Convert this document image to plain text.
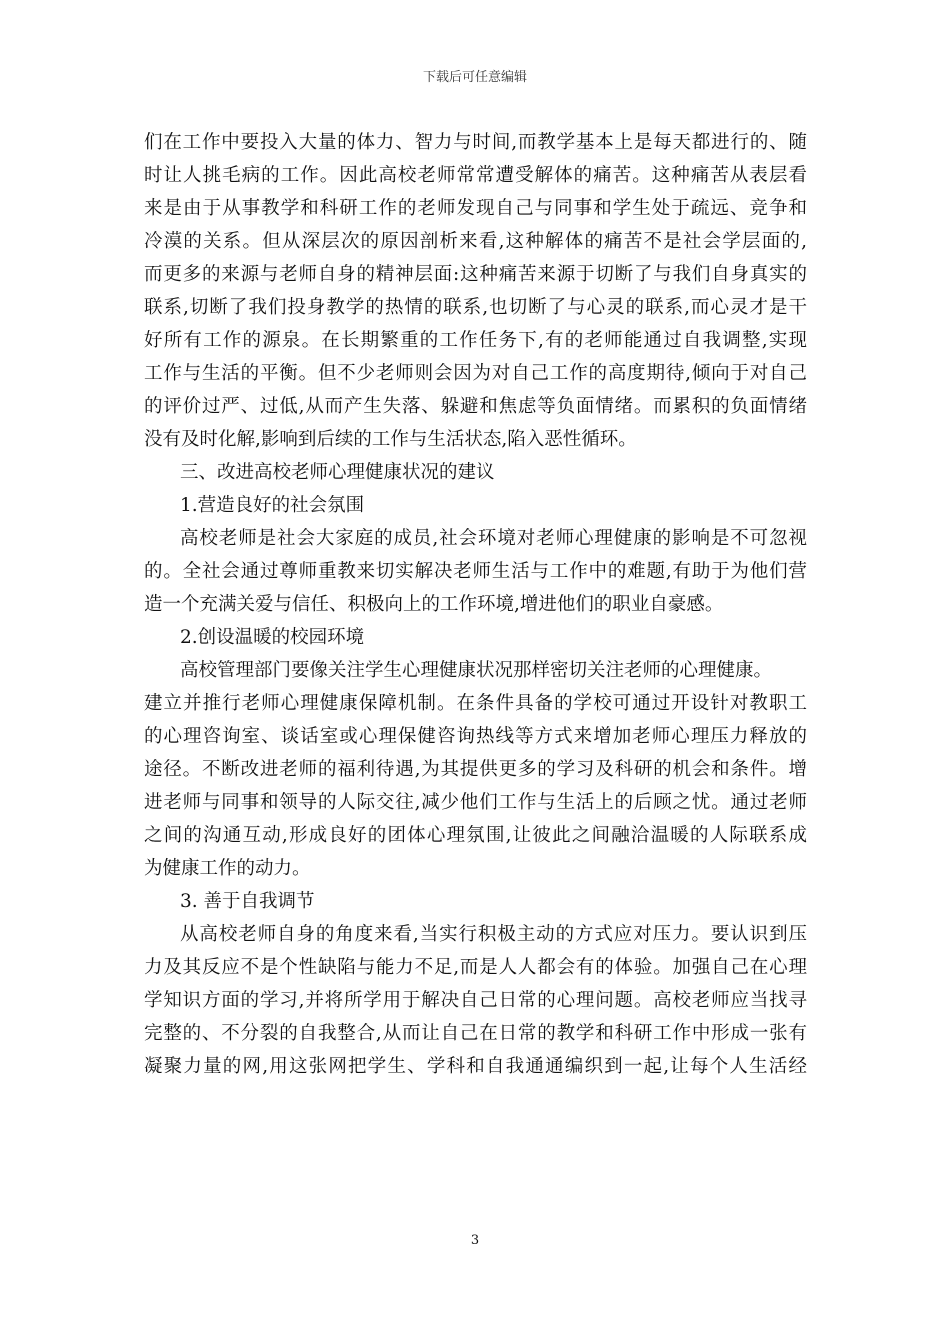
下载后可任意编辑
们在工作中要投入大量的体力、智力与时间,而教学基本上是每天都进行的、随
时让人挑毛病的工作。因此高校老师常常遭受解体的痛苦。这种痛苦从表层看
来是由于从事教学和科研工作的老师发现自己与同事和学生处于疏远、竞争和
冷漠的关系。但从深层次的原因剖析来看,这种解体的痛苦不是社会学层面的,
而更多的来源与老师自身的精神层面:这种痛苦来源于切断了与我们自身真实的
联系,切断了我们投身教学的热情的联系,也切断了与心灵的联系,而心灵才是干
好所有工作的源泉。在长期繁重的工作任务下,有的老师能通过自我调整,实现
工作与生活的平衡。但不少老师则会因为对自己工作的高度期待,倾向于对自己
的评价过严、过低,从而产生失落、躲避和焦虑等负面情绪。而累积的负面情绪
没有及时化解,影响到后续的工作与生活状态,陷入恶性循环。
三、改进高校老师心理健康状况的建议
1.营造良好的社会氛围
高校老师是社会大家庭的成员,社会环境对老师心理健康的影响是不可忽视
的。全社会通过尊师重教来切实解决老师生活与工作中的难题,有助于为他们营
造一个充满关爱与信任、积极向上的工作环境,增进他们的职业自豪感。
2.创设温暖的校园环境
高校管理部门要像关注学生心理健康状况那样密切关注老师的心理健康。
建立并推行老师心理健康保障机制。在条件具备的学校可通过开设针对教职工
的心理咨询室、谈话室或心理保健咨询热线等方式来增加老师心理压力释放的
途径。不断改进老师的福利待遇,为其提供更多的学习及科研的机会和条件。增
进老师与同事和领导的人际交往,减少他们工作与生活上的后顾之忧。通过老师
之间的沟通互动,形成良好的团体心理氛围,让彼此之间融洽温暖的人际联系成
为健康工作的动力。
3. 善于自我调节
从高校老师自身的角度来看,当实行积极主动的方式应对压力。要认识到压
力及其反应不是个性缺陷与能力不足,而是人人都会有的体验。加强自己在心理
学知识方面的学习,并将所学用于解决自己日常的心理问题。高校老师应当找寻
完整的、不分裂的自我整合,从而让自己在日常的教学和科研工作中形成一张有
凝聚力量的网,用这张网把学生、学科和自我通通编织到一起,让每个人生活经
3
